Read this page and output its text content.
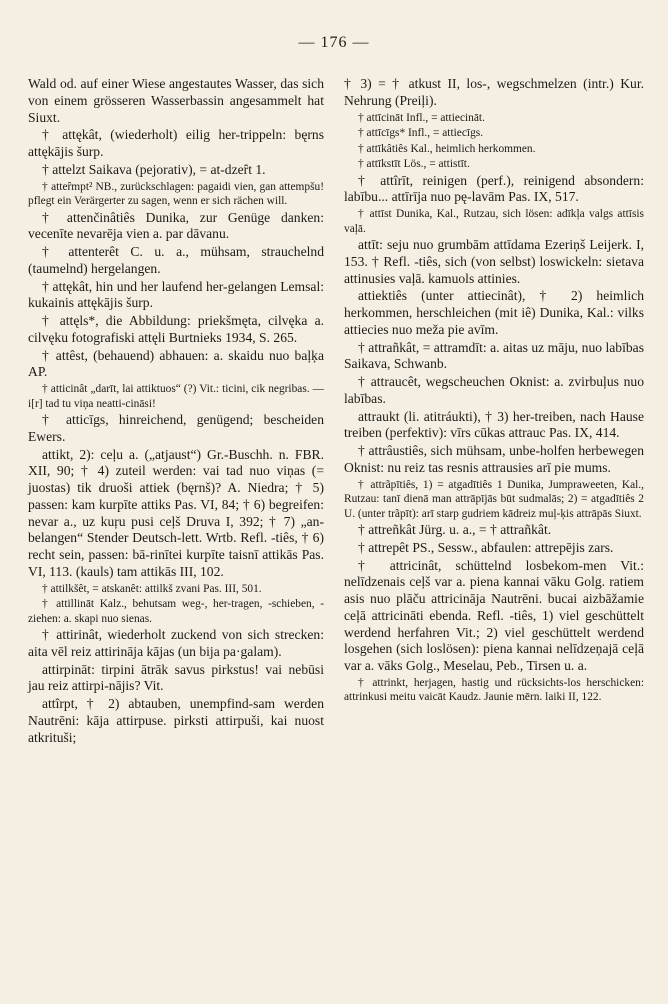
— 176 —

Wald od. auf einer Wiese angestautes Wasser, das sich von einem grösseren Wasserbassin angesammelt hat Siuxt.

† attękât, (wiederholt) eilig her-trippeln: bęrns attękājis šurp.

† attelzt Saikava (pejorativ), = at-dzeȓt 1.

† atteȓmpt² NB., zurückschlagen: pagaidi vien, gan attempšu! pflegt ein Verärgerter zu sagen, wenn er sich rächen will.

† attenčinâtiês Dunika, zur Genüge danken: vecenīte nevarēja vien a. par dāvanu.

† attenterêt C. u. a., mühsam, strauchelnd (taumelnd) hergelangen.

† attękât, hin und her laufend her-gelangen Lemsal: kukainis attękājis šurp.

† attęls*, die Abbildung: priekšmęta, cilvęka a. cilvęku fotografiski attęli Burtnieks 1934, S. 265.

† attêst, (behauend) abhauen: a. skaidu nuo baļķa AP.

† atticinât „darīt, lai attiktuos“ (?) Vit.: ticini, cik negribas. — i[r] tad tu viņa neatti-cināsi!

† atticīgs, hinreichend, genügend; bescheiden Ewers.

attikt, 2): ceļu a. („atjaust“) Gr.-Buschh. n. FBR. XII, 90; † 4) zuteil werden: vai tad nuo viņas (= juostas) tik druoši attiek (bęrnš)? A. Niedra; † 5) passen: kam kurpīte attiks Pas. VI, 84; † 6) begreifen: nevar a., uz kuŗu pusi ceļš Druva I, 392; † 7) „an-belangen“ Stender Deutsch-lett. Wrtb. Refl. -tiês, † 6) recht sein, passen: bā-rinītei kurpīte taisnī attikās Pas. VI, 113. (kauls) tam attikās III, 102.

† attilkšêt, = atskanêt: attilkš zvani Pas. III, 501.

† attillināt Kalz., behutsam weg-, her-tragen, -schieben, -ziehen: a. skapi nuo sienas.

† attirinât, wiederholt zuckend von sich strecken: aita vēl reiz attirināja kājas (un bija pa·galam).

attirpināt: tirpini ātrāk savus pirkstus! vai nebūsi jau reiz attirpi-nājis? Vit.

attîrpt, † 2) abtauben, unempfind-sam werden Nautrēni: kāja attirpuse. pirksti attirpuši, kai nuost atkrituši;

† 3) = † atkust II, los-, wegschmelzen (intr.) Kur. Nehrung (Preiļi).

† attīcināt Infl., = attiecināt.

† attīcīgs* Infl., = attiecīgs.

† attīkâtiês Kal., heimlich herkommen.

† attīkstīt Lös., = attistīt.

† attîrīt, reinigen (perf.), reinigend absondern: labību... attīrīja nuo pę-lavām Pas. IX, 517.

† attīst Dunika, Kal., Rutzau, sich lösen: adīkļa valgs attīsis vaļā.

attīt: seju nuo grumbām attīdama Ezeriņš Leijerk. I, 153. † Refl. -tiês, sich (von selbst) loswickeln: sietava attinusies vaļā. kamuols attinies.

attiektiês (unter attiecinât), † 2) heimlich herkommen, herschleichen (mit iê) Dunika, Kal.: vilks attiecies nuo meža pie avīm.

† attrañkât, = attramdīt: a. aitas uz māju, nuo labības Saikava, Schwanb.

† attraucêt, wegscheuchen Oknist: a. zvirbuļus nuo labības.

attraukt (li. atitráukti), † 3) her-treiben, nach Hause treiben (perfektiv): vīrs cūkas attrauc Pas. IX, 414.

† attrâustiês, sich mühsam, unbe-holfen herbewegen Oknist: nu reiz tas resnis attrausies arī pie mums.

† attrãpītiês, 1) = atgadītiês 1 Dunika, Jumpraweeten, Kal., Rutzau: tanī dienā man attrāpījās būt sudmalās; 2) = atgadītiês 2 U. (unter trãpīt): arī starp gudriem kādreiz muļ-ķis attrāpās Siuxt.

† attreñkât Jürg. u. a., = † attrañkât.

† attrepêt PS., Sessw., abfaulen: attrepējis zars.

† attricinât, schüttelnd losbekom-men Vit.: nelīdzenais ceļš var a. piena kannai vāku Golg. ratiem asis nuo plāču attricināja Nautrēni. bucai aizbāžamie ceļā attricināti ebenda. Refl. -tiês, 1) viel geschüttelt werdend herfahren Vit.; 2) viel geschüttelt werdend losgehen (sich loslösen): piena kannai nelīdzeņajā ceļā var a. vāks Golg., Meselau, Peb., Tirsen u. a.

† attrinkt, herjagen, hastig und rücksichts-los herschicken: attrinkusi meitu vaicāt Kaudz. Jaunie mērn. laiki II, 122.
